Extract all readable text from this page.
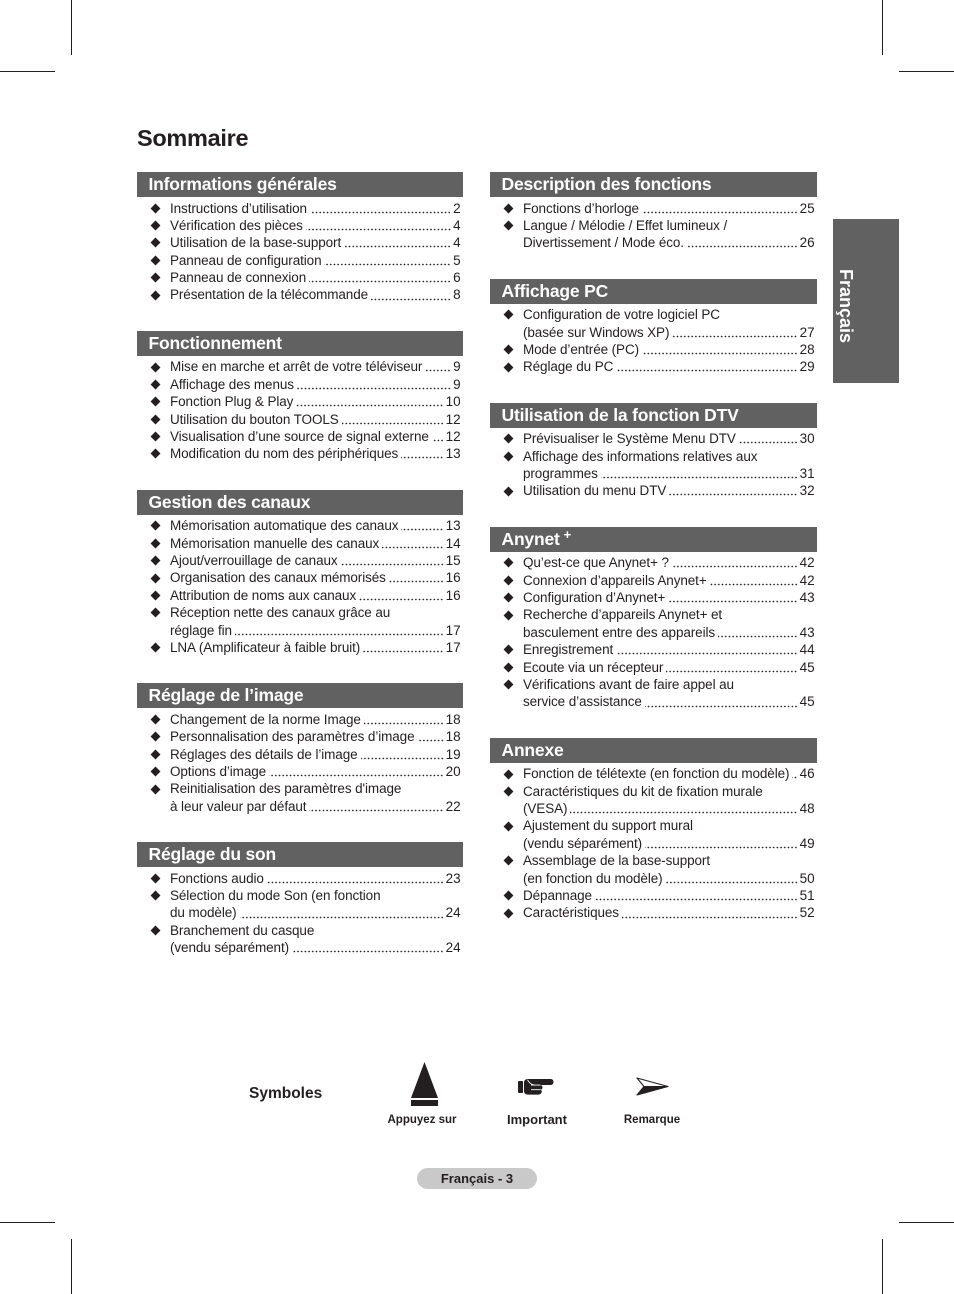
Sommaire
Informations générales
Instructions d’utilisation	2
Vérification des pièces	4
Utilisation de la base-support	4
Panneau de configuration	5
Panneau de connexion	6
Présentation de la télécommande	8
Fonctionnement
Mise en marche et arrêt de votre téléviseur 9
Affichage des menus	9
Fonction Plug & Play	10
Utilisation du bouton TOOLS	12
Visualisation d’une source de signal externe 12
Modification du nom des périphériques	13
Gestion des canaux
Mémorisation automatique des canaux	13
Mémorisation manuelle des canaux	14
Ajout/verrouillage de canaux	15
Organisation des canaux mémorisés	16
Attribution de noms aux canaux	16
Réception nette des canaux grâce au
réglage fin	17
LNA (Amplificateur à faible bruit)	17
Réglage de l’image
Changement de la norme Image	18
Personnalisation des paramètres d’image 18
Réglages des détails de l’image	19
Options d’image	20
Reinitialisation des paramètres d'image
à leur valeur par défaut	22
Réglage du son
Fonctions audio	23
Sélection du mode Son (en fonction
du modèle)	24
Branchement du casque
(vendu séparément)	24
Description des fonctions
Fonctions d’horloge	25
Langue / Mélodie / Effet lumineux /
Divertissement / Mode éco.	26
Affichage PC
Configuration de votre logiciel PC
(basée sur Windows XP)	27
Mode d’entrée (PC)	28
Réglage du PC	29
Utilisation de la fonction DTV
Prévisualiser le Système Menu DTV	30
Affichage des informations relatives aux
programmes	31
Utilisation du menu DTV	32
Anynet +
Qu’est-ce que Anynet+ ?	42
Connexion d’appareils Anynet+	42
Configuration d’Anynet+	43
Recherche d’appareils Anynet+ et
basculement entre des appareils	43
Enregistrement	44
Ecoute via un récepteur	45
Vérifications avant de faire appel au
service d’assistance	45
Annexe
Fonction de télétexte (en fonction du modèle) 46
Caractéristiques du kit de fixation murale
(VESA)	48
Ajustement du support mural
(vendu séparément)	49
Assemblage de la base-support
(en fonction du modèle)	50
Dépannage	51
Caractéristiques	52
Français
Symboles
Appuyez sur	Important	Remarque
Français - 3
